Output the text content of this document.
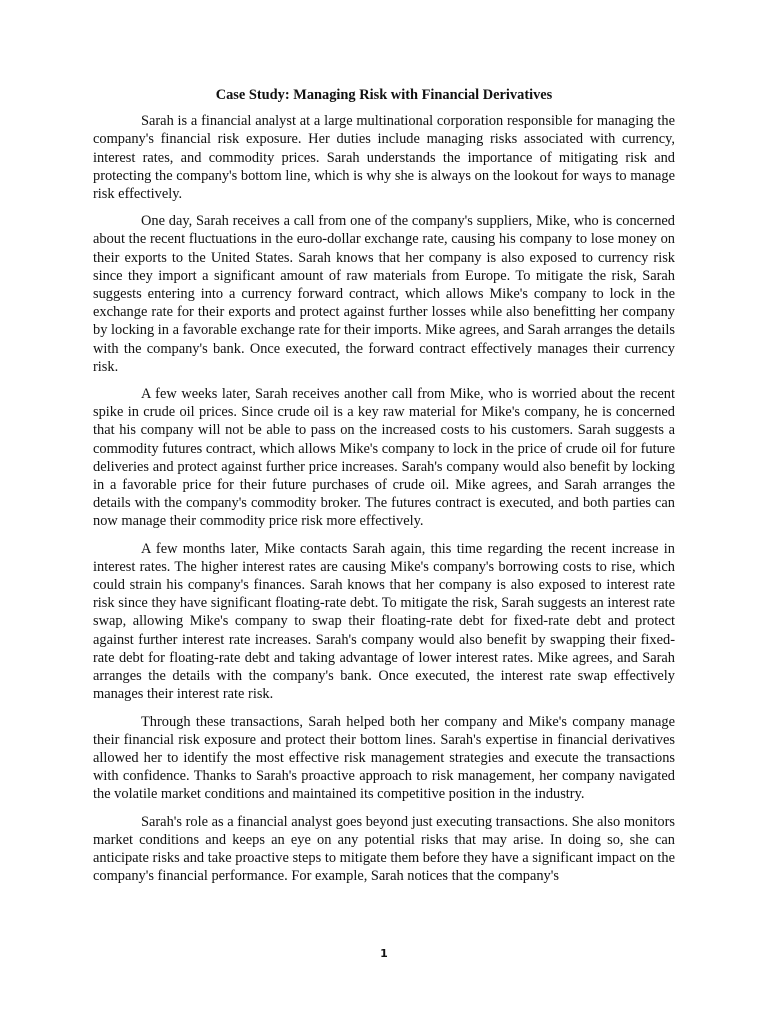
Case Study: Managing Risk with Financial Derivatives

Sarah is a financial analyst at a large multinational corporation responsible for managing the company's financial risk exposure. Her duties include managing risks associated with currency, interest rates, and commodity prices. Sarah understands the importance of mitigating risk and protecting the company's bottom line, which is why she is always on the lookout for ways to manage risk effectively.

One day, Sarah receives a call from one of the company's suppliers, Mike, who is concerned about the recent fluctuations in the euro-dollar exchange rate, causing his company to lose money on their exports to the United States. Sarah knows that her company is also exposed to currency risk since they import a significant amount of raw materials from Europe. To mitigate the risk, Sarah suggests entering into a currency forward contract, which allows Mike's company to lock in the exchange rate for their exports and protect against further losses while also benefitting her company by locking in a favorable exchange rate for their imports. Mike agrees, and Sarah arranges the details with the company's bank. Once executed, the forward contract effectively manages their currency risk.

A few weeks later, Sarah receives another call from Mike, who is worried about the recent spike in crude oil prices. Since crude oil is a key raw material for Mike's company, he is concerned that his company will not be able to pass on the increased costs to his customers. Sarah suggests a commodity futures contract, which allows Mike's company to lock in the price of crude oil for future deliveries and protect against further price increases. Sarah's company would also benefit by locking in a favorable price for their future purchases of crude oil. Mike agrees, and Sarah arranges the details with the company's commodity broker. The futures contract is executed, and both parties can now manage their commodity price risk more effectively.

A few months later, Mike contacts Sarah again, this time regarding the recent increase in interest rates. The higher interest rates are causing Mike's company's borrowing costs to rise, which could strain his company's finances. Sarah knows that her company is also exposed to interest rate risk since they have significant floating-rate debt. To mitigate the risk, Sarah suggests an interest rate swap, allowing Mike's company to swap their floating-rate debt for fixed-rate debt and protect against further interest rate increases. Sarah's company would also benefit by swapping their fixed-rate debt for floating-rate debt and taking advantage of lower interest rates. Mike agrees, and Sarah arranges the details with the company's bank. Once executed, the interest rate swap effectively manages their interest rate risk.

Through these transactions, Sarah helped both her company and Mike's company manage their financial risk exposure and protect their bottom lines. Sarah's expertise in financial derivatives allowed her to identify the most effective risk management strategies and execute the transactions with confidence. Thanks to Sarah's proactive approach to risk management, her company navigated the volatile market conditions and maintained its competitive position in the industry.

Sarah's role as a financial analyst goes beyond just executing transactions. She also monitors market conditions and keeps an eye on any potential risks that may arise. In doing so, she can anticipate risks and take proactive steps to mitigate them before they have a significant impact on the company's financial performance. For example, Sarah notices that the company's

1
